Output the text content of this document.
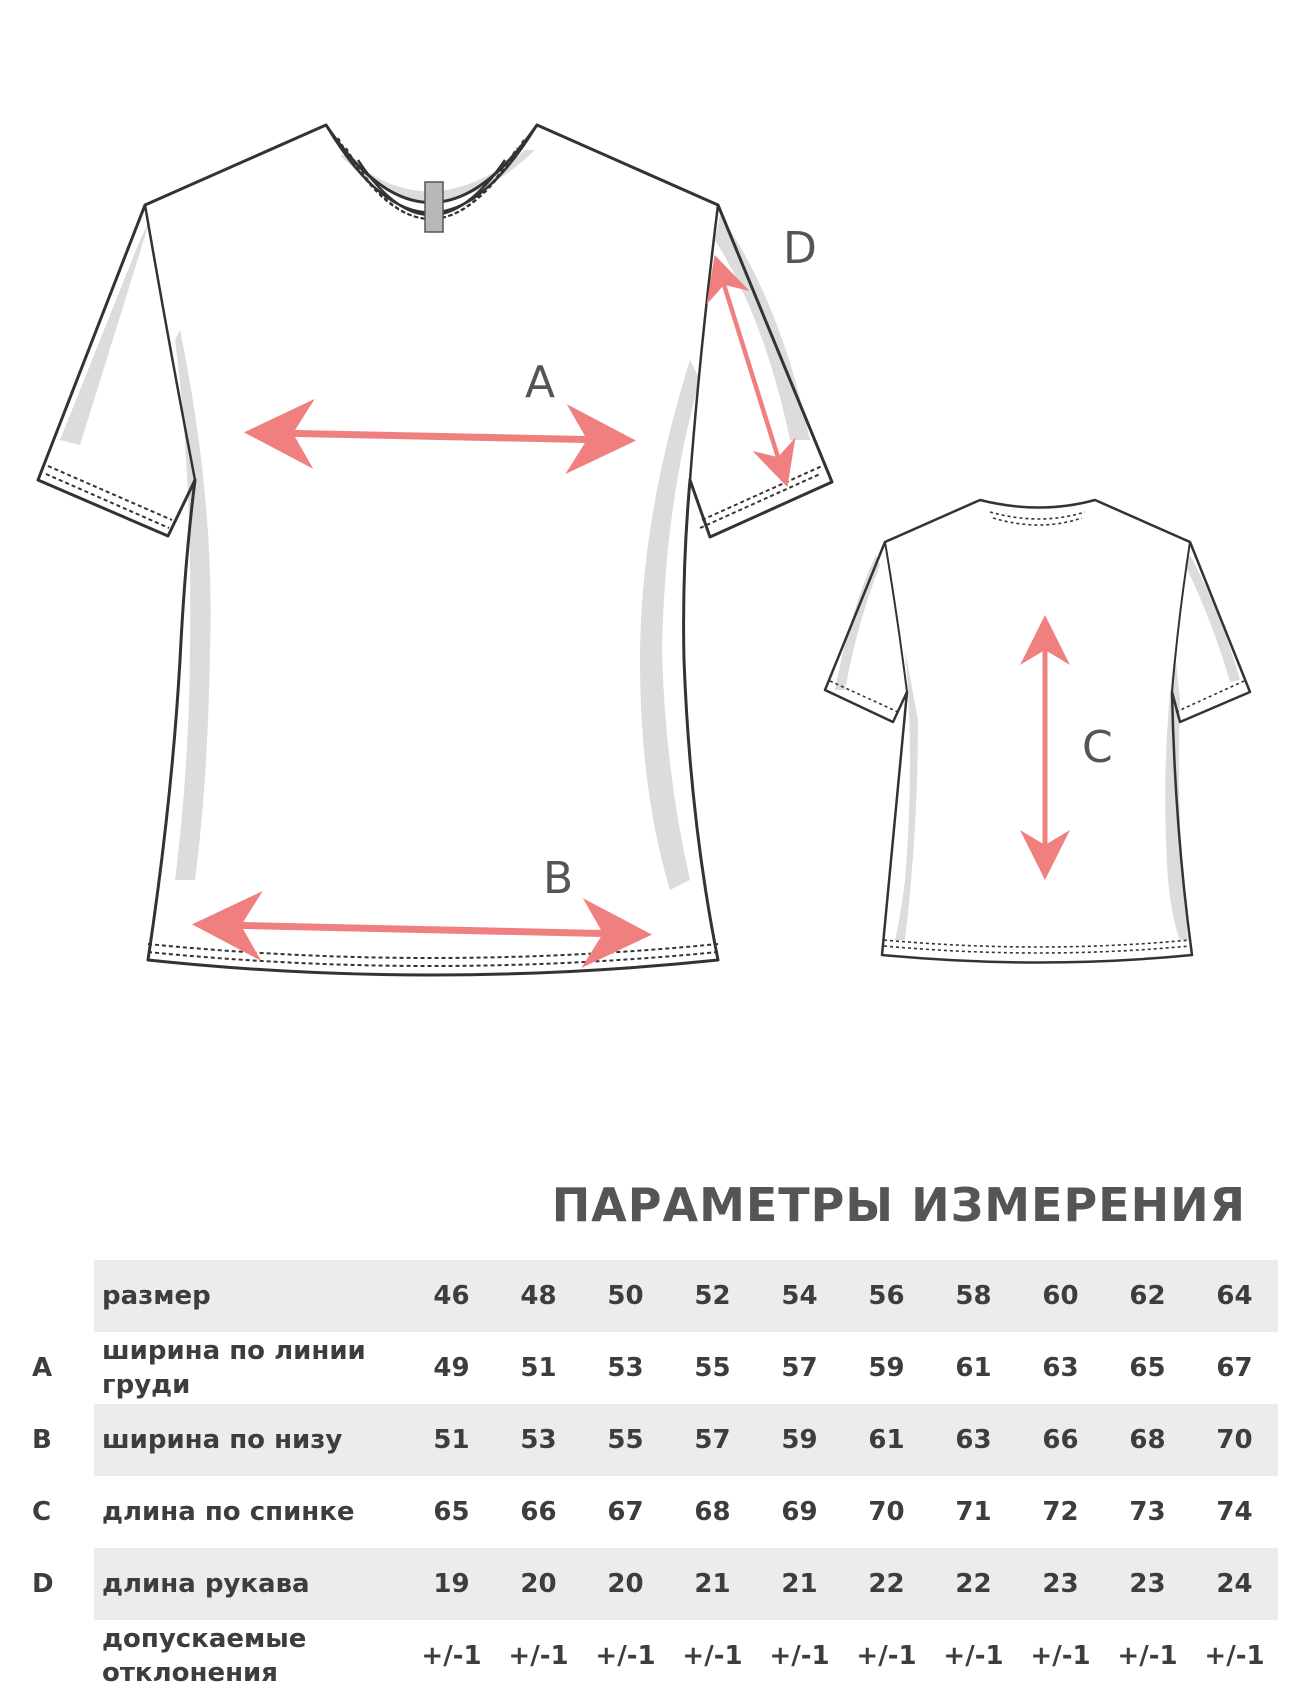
A
B
C
D
ПАРАМЕТРЫ ИЗМЕРЕНИЯ
	размер	46	48	50	52	54	56	58	60	62	64
A	ширина по линии груди	49	51	53	55	57	59	61	63	65	67
B	ширина по низу	51	53	55	57	59	61	63	66	68	70
C	длина по спинке	65	66	67	68	69	70	71	72	73	74
D	длина рукава	19	20	20	21	21	22	22	23	23	24
	допускаемые отклонения	+/-1	+/-1	+/-1	+/-1	+/-1	+/-1	+/-1	+/-1	+/-1	+/-1
